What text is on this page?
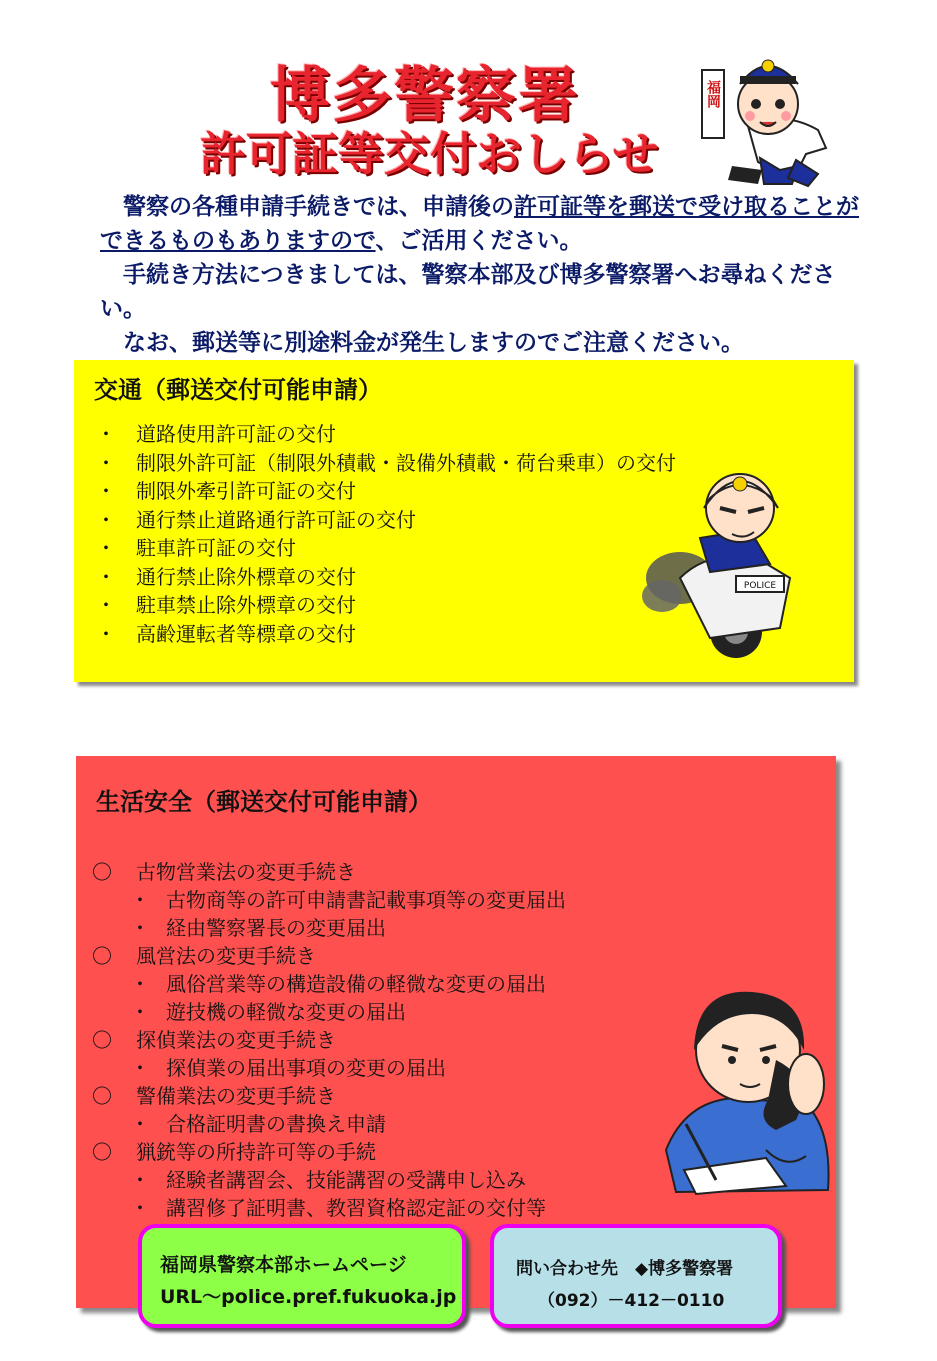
博多警察署
許可証等交付おしらせ
福岡

警察の各種申請手続きでは、申請後の許可証等を郵送で受け取ることができるものもありますので、ご活用ください。

手続き方法につきましては、警察本部及び博多警察署へお尋ねください。

なお、郵送等に別途料金が発生しますのでご注意ください。

交通（郵送交付可能申請）
・ 道路使用許可証の交付
・ 制限外許可証（制限外積載・設備外積載・荷台乗車）の交付
・ 制限外牽引許可証の交付
・ 通行禁止道路通行許可証の交付
・ 駐車許可証の交付
・ 通行禁止除外標章の交付
・ 駐車禁止除外標章の交付
・ 高齢運転者等標章の交付
POLICE
生活安全（郵送交付可能申請）
〇 古物営業法の変更手続き
・ 古物商等の許可申請書記載事項等の変更届出
・ 経由警察署長の変更届出
〇 風営法の変更手続き
・ 風俗営業等の構造設備の軽微な変更の届出
・ 遊技機の軽微な変更の届出
〇 探偵業法の変更手続き
・ 探偵業の届出事項の変更の届出
〇 警備業法の変更手続き
・ 合格証明書の書換え申請
〇 猟銃等の所持許可等の手続
・ 経験者講習会、技能講習の受講申し込み
・ 講習修了証明書、教習資格認定証の交付等
福岡県警察本部ホームページ
URL～police.pref.fukuoka.jp
問い合わせ先　◆博多警察署
（092）－412－0110
